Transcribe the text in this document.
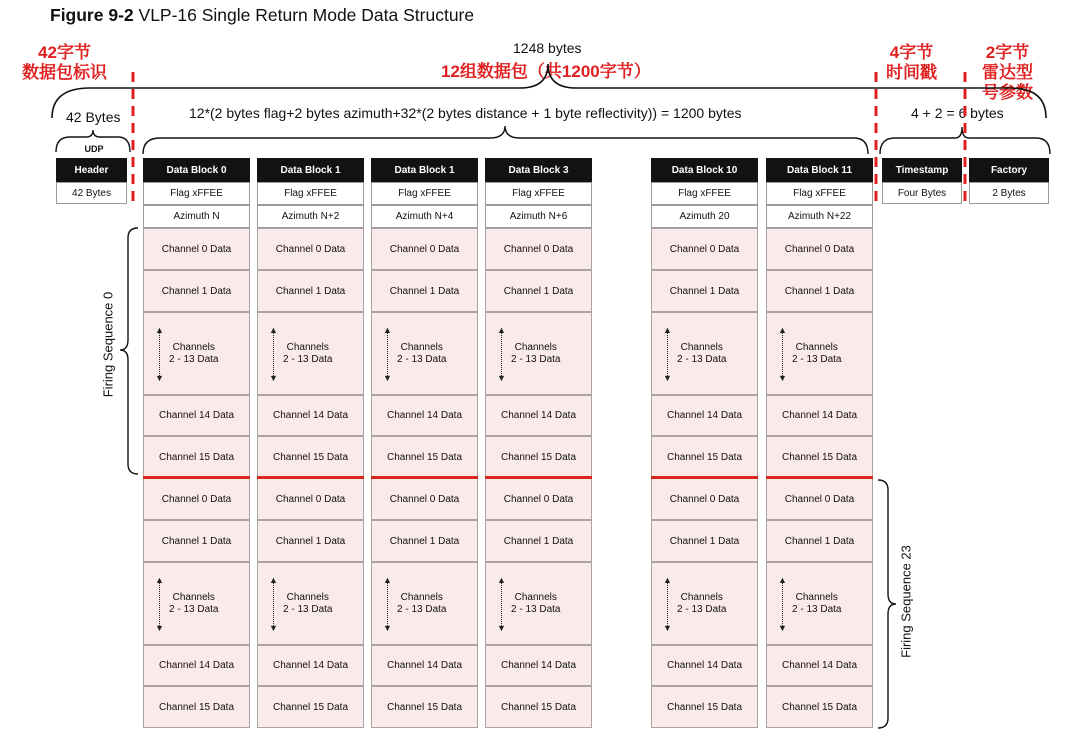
Figure 9-2 VLP-16 Single Return Mode Data Structure
42字节
数据包标识	12组数据包（共1200字节）
4字节
时间戳
2字节
雷达型
号参数
1248 bytes
42 Bytes	12*(2 bytes flag+2 bytes azimuth+32*(2 bytes distance + 1 byte reflectivity)) = 1200 bytes	4 + 2 = 6 bytes
UDP
Header
42 Bytes
Timestamp
Four Bytes
Factory
2 Bytes
Data Block 0
Flag xFFEE
Azimuth N
Channel 0 Data
Channel 1 Data
▲
▼
Channels
2 - 13 Data
Channel 14 Data
Channel 15 Data
Channel 0 Data
Channel 1 Data
▲
▼
Channels
2 - 13 Data
Channel 14 Data
Channel 15 Data
Data Block 1
Flag xFFEE
Azimuth N+2
Channel 0 Data
Channel 1 Data
▲
▼
Channels
2 - 13 Data
Channel 14 Data
Channel 15 Data
Channel 0 Data
Channel 1 Data
▲
▼
Channels
2 - 13 Data
Channel 14 Data
Channel 15 Data
Data Block 1
Flag xFFEE
Azimuth N+4
Channel 0 Data
Channel 1 Data
▲
▼
Channels
2 - 13 Data
Channel 14 Data
Channel 15 Data
Channel 0 Data
Channel 1 Data
▲
▼
Channels
2 - 13 Data
Channel 14 Data
Channel 15 Data
Data Block 3
Flag xFFEE
Azimuth N+6
Channel 0 Data
Channel 1 Data
▲
▼
Channels
2 - 13 Data
Channel 14 Data
Channel 15 Data
Channel 0 Data
Channel 1 Data
▲
▼
Channels
2 - 13 Data
Channel 14 Data
Channel 15 Data
Data Block 10
Flag xFFEE
Azimuth 20
Channel 0 Data
Channel 1 Data
▲
▼
Channels
2 - 13 Data
Channel 14 Data
Channel 15 Data
Channel 0 Data
Channel 1 Data
▲
▼
Channels
2 - 13 Data
Channel 14 Data
Channel 15 Data
Data Block 11
Flag xFFEE
Azimuth N+22
Channel 0 Data
Channel 1 Data
▲
▼
Channels
2 - 13 Data
Channel 14 Data
Channel 15 Data
Channel 0 Data
Channel 1 Data
▲
▼
Channels
2 - 13 Data
Channel 14 Data
Channel 15 Data
Firing Sequence 0
Firing Sequence 23
